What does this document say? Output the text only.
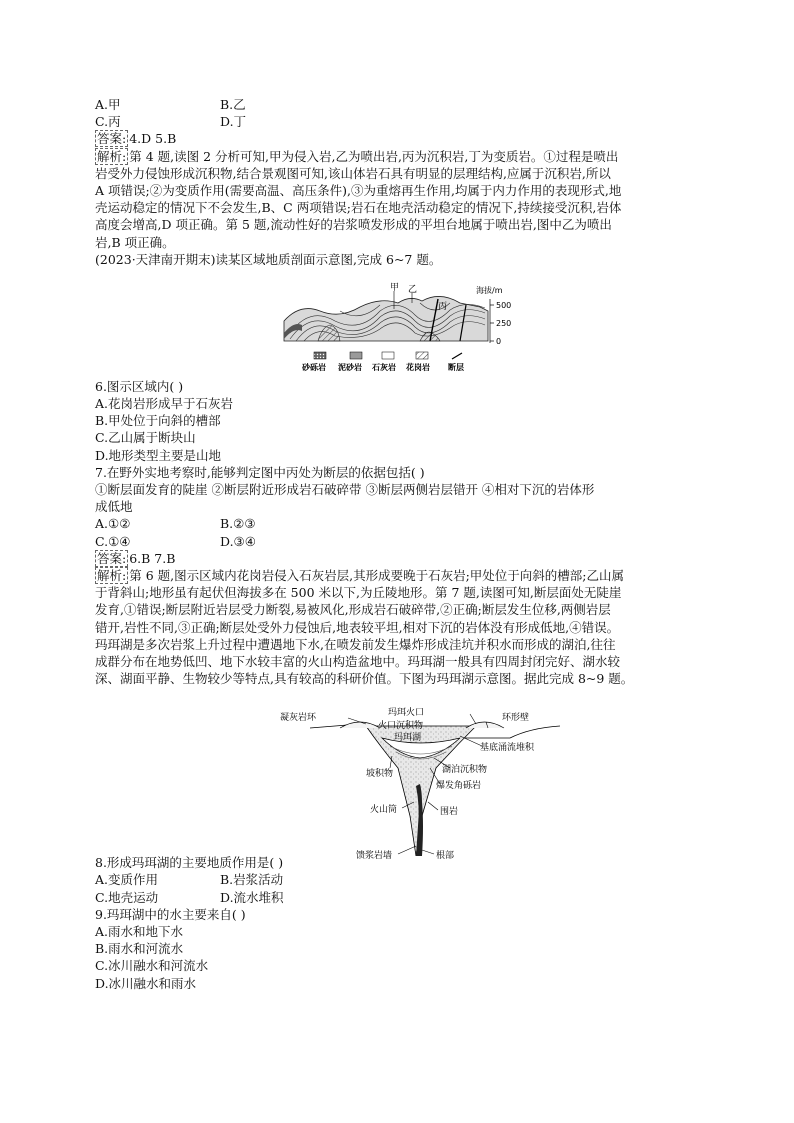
A.甲	B.乙
C.丙	D.丁
答案: 4.D 5.B
解析: 第 4 题,读图 2 分析可知,甲为侵入岩,乙为喷出岩,丙为沉积岩,丁为变质岩。①过程是喷出
岩受外力侵蚀形成沉积物,结合景观图可知,该山体岩石具有明显的层理结构,应属于沉积岩,所以
A 项错误;②为变质作用(需要高温、高压条件),③为重熔再生作用,均属于内力作用的表现形式,地
壳运动稳定的情况下不会发生,B、C 两项错误;岩石在地壳活动稳定的情况下,持续接受沉积,岩体
高度会增高,D 项正确。第 5 题,流动性好的岩浆喷发形成的平坦台地属于喷出岩,图中乙为喷出
岩,B 项正确。
(2023·天津南开期末)读某区域地质剖面示意图,完成 6~7 题。
6.图示区域内( )
A.花岗岩形成早于石灰岩
B.甲处位于向斜的槽部
C.乙山属于断块山
D.地形类型主要是山地
7.在野外实地考察时,能够判定图中丙处为断层的依据包括( )
①断层面发育的陡崖 ②断层附近形成岩石破碎带 ③断层两侧岩层错开 ④相对下沉的岩体形
成低地
A.①②	B.②③
C.①④	D.③④
答案: 6.B 7.B
解析: 第 6 题,图示区域内花岗岩侵入石灰岩层,其形成要晚于石灰岩;甲处位于向斜的槽部;乙山属
于背斜山;地形虽有起伏但海拔多在 500 米以下,为丘陵地形。第 7 题,读图可知,断层面处无陡崖
发育,①错误;断层附近岩层受力断裂,易被风化,形成岩石破碎带,②正确;断层发生位移,两侧岩层
错开,岩性不同,③正确;断层处受外力侵蚀后,地表较平坦,相对下沉的岩体没有形成低地,④错误。
玛珥湖是多次岩浆上升过程中遭遇地下水,在喷发前发生爆炸形成洼坑并积水而形成的湖泊,往往
成群分布在地势低凹、地下水较丰富的火山构造盆地中。玛珥湖一般具有四周封闭完好、湖水较
深、湖面平静、生物较少等特点,具有较高的科研价值。下图为玛珥湖示意图。据此完成 8~9 题。
8.形成玛珥湖的主要地质作用是( )
A.变质作用	B.岩浆活动
C.地壳运动	D.流水堆积
9.玛珥湖中的水主要来自( )
A.雨水和地下水
B.雨水和河流水
C.冰川融水和河流水
D.冰川融水和雨水
甲 乙
丙
海拔/m
500
250
0
砂砾岩 泥砂岩 石灰岩 花岗岩 断层
玛珥火口
凝灰岩环	环形壁
火口沉积物
玛珥湖
基底涌流堆积
坡积物	湖泊沉积物
爆发角砾岩
火山筒	围岩
馈浆岩墙	根部
